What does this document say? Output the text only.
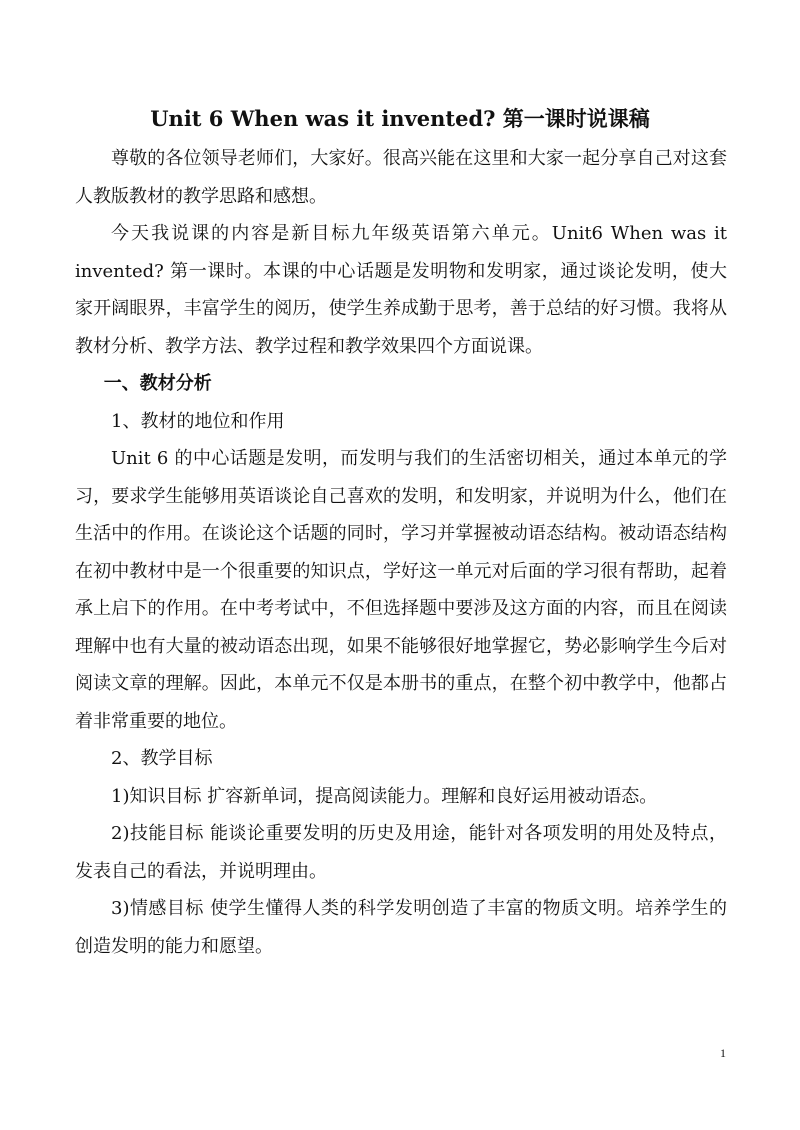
Unit 6 When was it invented? 第一课时说课稿

尊敬的各位领导老师们，大家好。很高兴能在这里和大家一起分享自己对这套人教版教材的教学思路和感想。

今天我说课的内容是新目标九年级英语第六单元。Unit6 When was it invented? 第一课时。本课的中心话题是发明物和发明家，通过谈论发明，使大家开阔眼界，丰富学生的阅历，使学生养成勤于思考，善于总结的好习惯。我将从教材分析、教学方法、教学过程和教学效果四个方面说课。

一、教材分析

1、教材的地位和作用

Unit 6 的中心话题是发明，而发明与我们的生活密切相关，通过本单元的学习，要求学生能够用英语谈论自己喜欢的发明，和发明家，并说明为什么，他们在生活中的作用。在谈论这个话题的同时，学习并掌握被动语态结构。被动语态结构在初中教材中是一个很重要的知识点，学好这一单元对后面的学习很有帮助，起着承上启下的作用。在中考考试中，不但选择题中要涉及这方面的内容，而且在阅读理解中也有大量的被动语态出现，如果不能够很好地掌握它，势必影响学生今后对阅读文章的理解。因此，本单元不仅是本册书的重点，在整个初中教学中，他都占着非常重要的地位。

2、教学目标

1)知识目标 扩容新单词，提高阅读能力。理解和良好运用被动语态。

2)技能目标 能谈论重要发明的历史及用途，能针对各项发明的用处及特点，发表自己的看法，并说明理由。

3)情感目标 使学生懂得人类的科学发明创造了丰富的物质文明。培养学生的创造发明的能力和愿望。

1
